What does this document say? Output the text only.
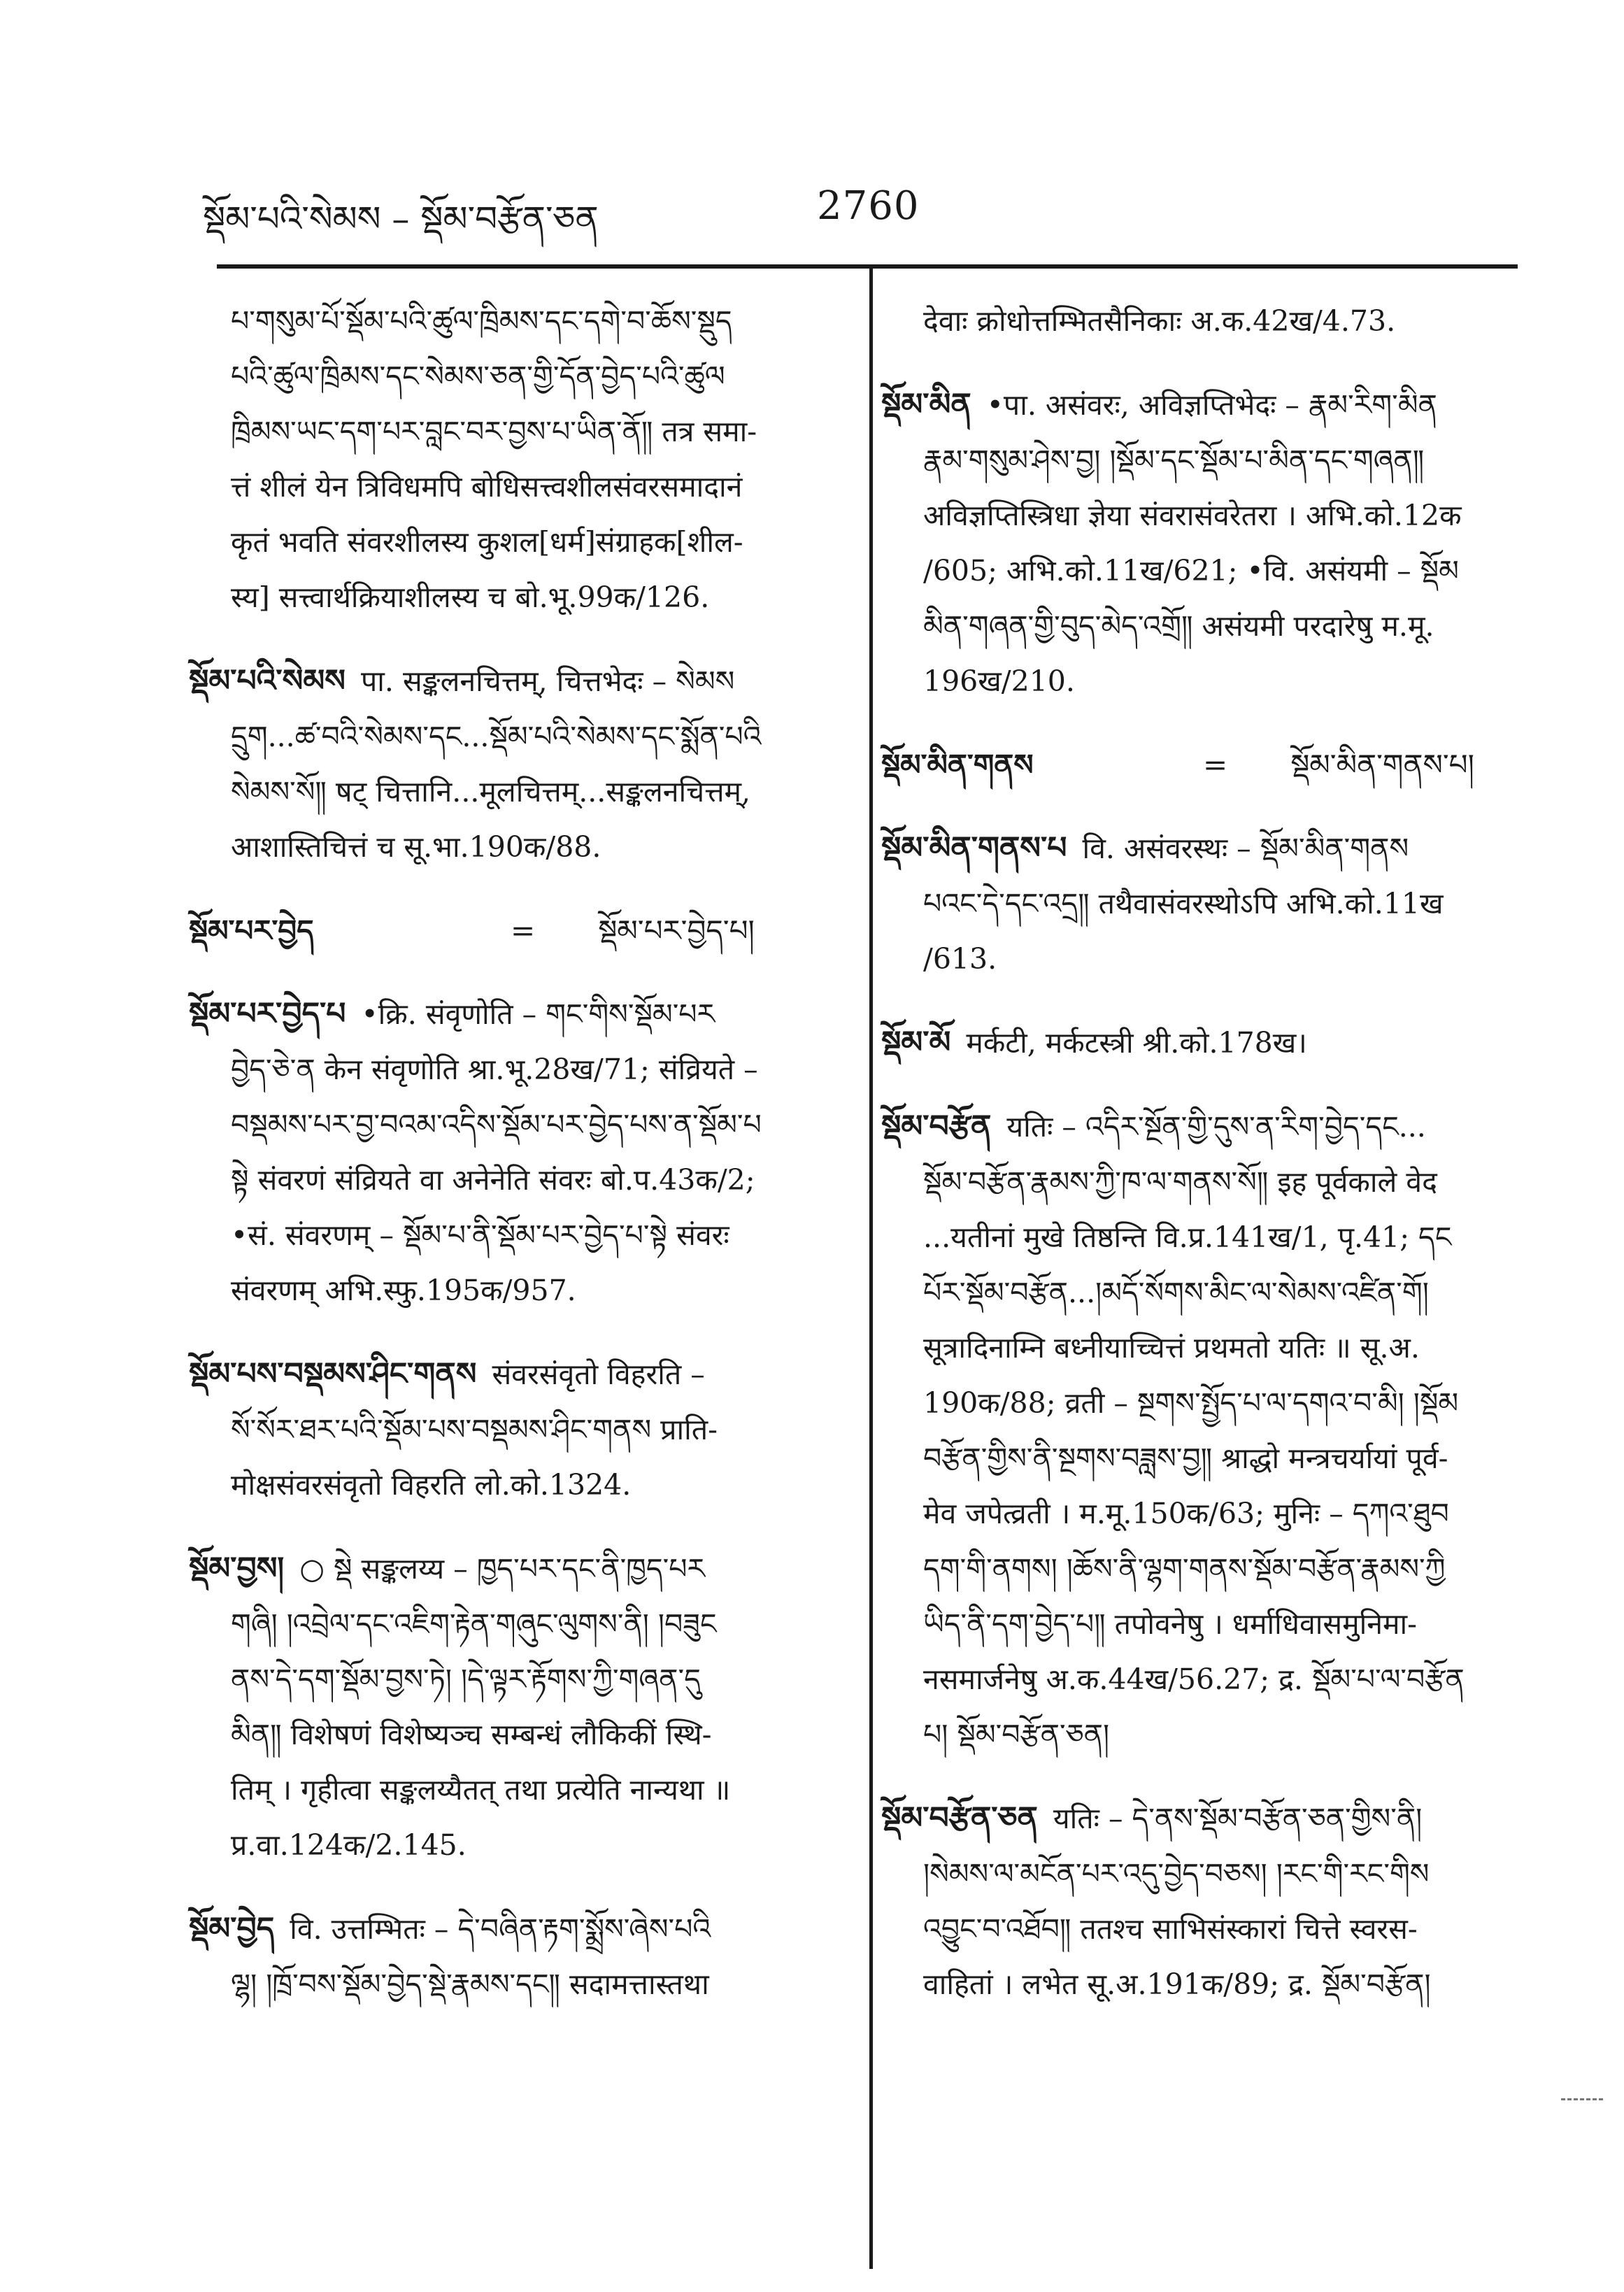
སྡོམ་པའི་སེམས – སྡོམ་བརྩོན་ཅན	2760
པ་གསུམ་པོ་སྡོམ་པའི་ཚུལ་ཁྲིམས་དང་དགེ་བ་ཆོས་སྡུད
པའི་ཚུལ་ཁྲིམས་དང་སེམས་ཅན་གྱི་དོན་བྱེད་པའི་ཚུལ
ཁྲིམས་ཡང་དག་པར་བླང་བར་བྱས་པ་ཡིན་ནོ༎ तत्र समा-
त्तं शीलं येन त्रिविधमपि बोधिसत्त्वशीलसंवरसमादानं
कृतं भवति संवरशीलस्य कुशल[धर्म]संग्राहक[शील-
स्य] सत्त्वार्थक्रियाशीलस्य च बो.भू.99क/126.
སྡོམ་པའི་སེམས पा. सङ्कलनचित्तम्, चित्तभेदः – སེམས
དྲུག...ཚ་བའི་སེམས་དང...སྡོམ་པའི་སེམས་དང་སྨོན་པའི
སེམས་སོ༎ षट् चित्तानि...मूलचित्तम्...सङ्कलनचित्तम्,
आशास्तिचित्तं च सू.भा.190क/88.
སྡོམ་པར་བྱེད	= སྡོམ་པར་བྱེད་པ།
སྡོམ་པར་བྱེད་པ •क्रि. संवृणोति – གང་གིས་སྡོམ་པར
བྱེད་ཅེ་ན केन संवृणोति श्रा.भू.28ख/71; संव्रियते –
བསྡམས་པར་བྱ་བའམ་འདིས་སྡོམ་པར་བྱེད་པས་ན་སྡོམ་པ
སྟེ संवरणं संव्रियते वा अनेनेति संवरः बो.प.43क/2;
•सं. संवरणम् – སྡོམ་པ་ནི་སྡོམ་པར་བྱེད་པ་སྟེ संवरः
संवरणम् अभि.स्फु.195क/957.
སྡོམ་པས་བསྡམས་ཤིང་གནས संवरसंवृतो विहरति –
སོ་སོར་ཐར་པའི་སྡོམ་པས་བསྡམས་ཤིང་གནས प्राति-
मोक्षसंवरसंवृतो विहरति लो.को.1324.
སྡོམ་བྱས། ○ སྡེ सङ्कलय्य – ཁྱད་པར་དང་ནི་ཁྱད་པར
གཞི། །འབྲེལ་དང་འཇིག་རྟེན་གཞུང་ལུགས་ནི། །བཟུང
ནས་དེ་དག་སྡོམ་བྱས་ཏེ། །དེ་ལྟར་རྟོགས་ཀྱི་གཞན་དུ
མིན༎ विशेषणं विशेष्यञ्च सम्बन्धं लौकिकीं स्थि-
तिम् । गृहीत्वा सङ्कलय्यैतत् तथा प्रत्येति नान्यथा ॥
प्र.वा.124क/2.145.
སྡོམ་བྱེད वि. उत्तम्भितः – དེ་བཞིན་རྟག་སྨྲོས་ཞེས་པའི
ལྷ། །ཁྲོ་བས་སྡོམ་བྱེད་སྡེ་རྣམས་དང༎ सदामत्तास्तथा
देवाः क्रोधोत्तम्भितसैनिकाः अ.क.42ख/4.73.
སྡོམ་མིན •पा. असंवरः, अविज्ञप्तिभेदः – རྣམ་རིག་མིན
རྣམ་གསུམ་ཤེས་བྱ། །སྡོམ་དང་སྡོམ་པ་མིན་དང་གཞན༎
अविज्ञप्तिस्त्रिधा ज्ञेया संवरासंवरेतरा । अभि.को.12क
/605; अभि.को.11ख/621; •वि. असंयमी – སྡོམ
མིན་གཞན་གྱི་བུད་མེད་འགྲོ༎ असंयमी परदारेषु म.मू.
196ख/210.
སྡོམ་མིན་གནས	= སྡོམ་མིན་གནས་པ།
སྡོམ་མིན་གནས་པ वि. असंवरस्थः – སྡོམ་མིན་གནས
པའང་དེ་དང་འདྲ༎ तथैवासंवरस्थोऽपि अभि.को.11ख
/613.
སྡོམ་མོ मर्कटी, मर्कटस्त्री श्री.को.178ख।
སྡོམ་བརྩོན यतिः – འདིར་སྔོན་གྱི་དུས་ན་རིག་བྱེད་དང...
སྡོམ་བརྩོན་རྣམས་ཀྱི་ཁ་ལ་གནས་སོ༎ इह पूर्वकाले वेद
...यतीनां मुखे तिष्ठन्ति वि.प्र.141ख/1, पृ.41; དང
པོར་སྡོམ་བརྩོན...།མདོ་སོགས་མིང་ལ་སེམས་འཛིན་གོ།
सूत्रादिनाम्नि बध्नीयाच्चित्तं प्रथमतो यतिः ॥ सू.अ.
190क/88; व्रती – སྔགས་སྤྱོད་པ་ལ་དགའ་བ་མི། །སྡོམ
བརྩོན་གྱིས་ནི་སྔགས་བཟླས་བྱ༎ श्राद्धो मन्त्रचर्यायां पूर्व-
मेव जपेत्व्रती । म.मू.150क/63; मुनिः – དཀའ་ཐུབ
དག་གི་ནགས། །ཆོས་ནི་ལྷག་གནས་སྡོམ་བརྩོན་རྣམས་ཀྱི
ཡིད་ནི་དག་བྱེད་པ༎ तपोवनेषु । धर्माधिवासमुनिमा-
नसमार्जनेषु अ.क.44ख/56.27; द्र. སྡོམ་པ་ལ་བརྩོན
པ། སྡོམ་བརྩོན་ཅན།
སྡོམ་བརྩོན་ཅན यतिः – དེ་ནས་སྡོམ་བརྩོན་ཅན་གྱིས་ནི།
།སེམས་ལ་མངོན་པར་འདུ་བྱེད་བཅས། །རང་གི་རང་གིས
འབྱུང་བ་འཐོབ༎ ततश्च साभिसंस्कारां चित्ते स्वरस-
वाहितां । लभेत सू.अ.191क/89; द्र. སྡོམ་བརྩོན།
